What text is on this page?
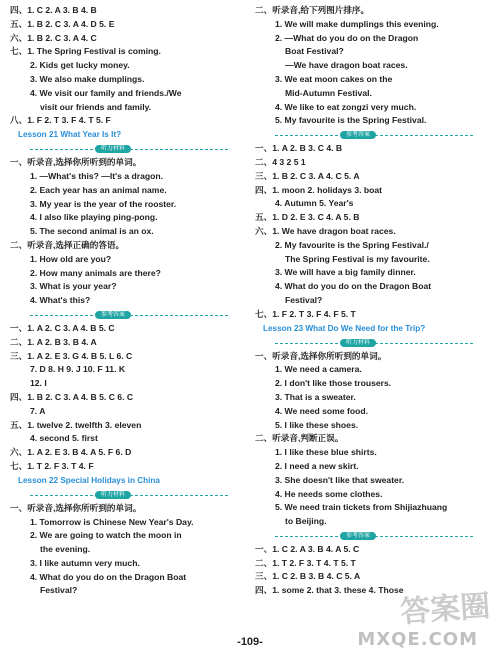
四、1. C 2. A 3. B 4. B
五、1. B 2. C 3. A 4. D 5. E
六、1. B 2. C 3. A 4. C
七、1. The Spring Festival is coming.
2. Kids get lucky money.
3. We also make dumplings.
4. We visit our family and friends./We
visit our friends and family.
八、1. F 2. T 3. F 4. T 5. F
Lesson 21 What Year Is It?
听力材料
一、听录音,选择你所听到的单词。
1. —What's this? —It's a dragon.
2. Each year has an animal name.
3. My year is the year of the rooster.
4. I also like playing ping-pong.
5. The second animal is an ox.
二、听录音,选择正确的答语。
1. How old are you?
2. How many animals are there?
3. What is your year?
4. What's this?
参考答案
一、1. A 2. C 3. A 4. B 5. C
二、1. A 2. B 3. B 4. A
三、1. A 2. E 3. G 4. B 5. L 6. C
7. D 8. H 9. J 10. F 11. K
12. I
四、1. B 2. C 3. A 4. B 5. C 6. C
7. A
五、1. twelve 2. twelfth 3. eleven
4. second 5. first
六、1. A 2. E 3. B 4. A 5. F 6. D
七、1. T 2. F 3. T 4. F
Lesson 22 Special Holidays in China
听力材料
一、听录音,选择你所听到的单词。
1. Tomorrow is Chinese New Year's Day.
2. We are going to watch the moon in
the evening.
3. I like autumn very much.
4. What do you do on the Dragon Boat
Festival?
二、听录音,给下列图片排序。
1. We will make dumplings this evening.
2. —What do you do on the Dragon
Boat Festival?
—We have dragon boat races.
3. We eat moon cakes on the
Mid-Autumn Festival.
4. We like to eat zongzi very much.
5. My favourite is the Spring Festival.
参考答案
一、1. A 2. B 3. C 4. B
二、4 3 2 5 1
三、1. B 2. C 3. A 4. C 5. A
四、1. moon 2. holidays 3. boat
4. Autumn 5. Year's
五、1. D 2. E 3. C 4. A 5. B
六、1. We have dragon boat races.
2. My favourite is the Spring Festival./
The Spring Festival is my favourite.
3. We will have a big family dinner.
4. What do you do on the Dragon Boat
Festival?
七、1. F 2. T 3. F 4. F 5. T
Lesson 23 What Do We Need for the Trip?
听力材料
一、听录音,选择你所听到的单词。
1. We need a camera.
2. I don't like those trousers.
3. That is a sweater.
4. We need some food.
5. I like these shoes.
二、听录音,判断正误。
1. I like these blue shirts.
2. I need a new skirt.
3. She doesn't like that sweater.
4. He needs some clothes.
5. We need train tickets from Shijiazhuang
to Beijing.
参考答案
一、1. C 2. A 3. B 4. A 5. C
二、1. T 2. F 3. T 4. T 5. T
三、1. C 2. B 3. B 4. C 5. A
四、1. some 2. that 3. these 4. Those
-109-
答案圈
MXQE.COM
